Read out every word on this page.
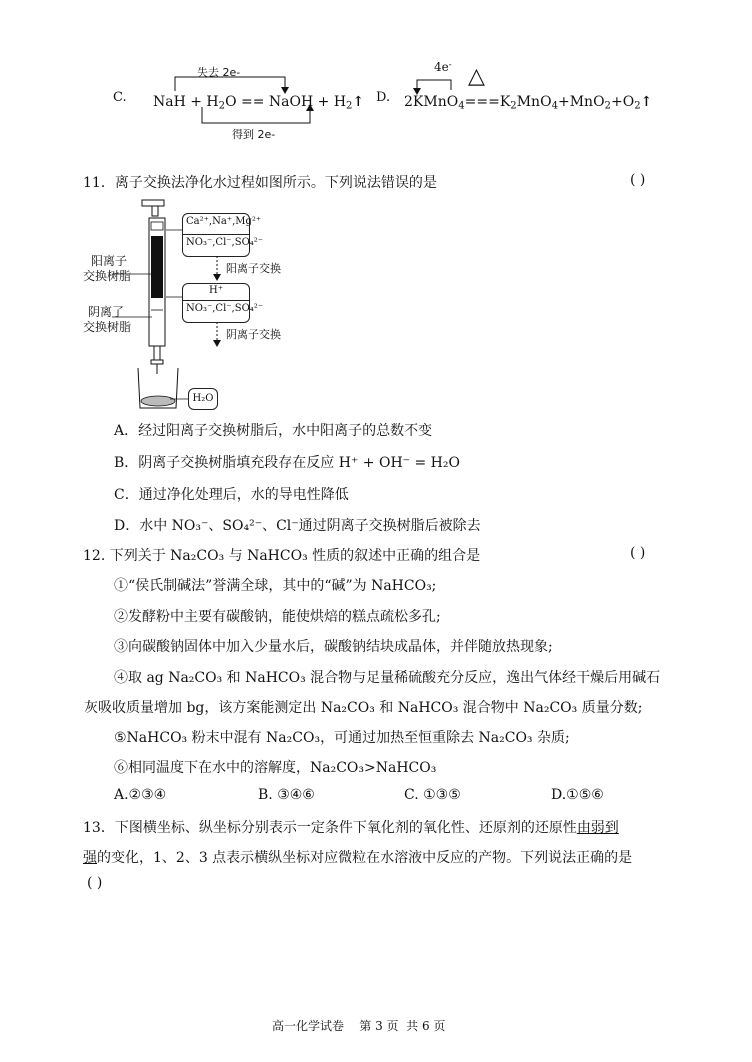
C.
失去 2e-
NaH + $H_2O$ == NaOH + $H_2↑$
得到 2e-
D.
4e- △
$2KMnO_4===K_2MnO_4+MnO_2+O_2↑$
11．离子交换法净化水过程如图所示。下列说法错误的是	( )
阳离子
交换树脂
阴离了
交换树脂
Ca²⁺,Na⁺,Mg²⁺
NO₃⁻,Cl⁻,SO₄²⁻
阳离子交换
H⁺
NO₃⁻,Cl⁻,SO₄²⁻
阴离子交换
H₂O
A．经过阳离子交换树脂后，水中阳离子的总数不变
B．阴离子交换树脂填充段存在反应 H⁺ + OH⁻ = H₂O
C．通过净化处理后，水的导电性降低
D．水中 NO₃⁻、SO₄²⁻、Cl⁻通过阴离子交换树脂后被除去
12. 下列关于 Na₂CO₃ 与 NaHCO₃ 性质的叙述中正确的组合是	( )
①“侯氏制碱法”誉满全球，其中的“碱”为 NaHCO₃;
②发酵粉中主要有碳酸钠，能使烘焙的糕点疏松多孔;
③向碳酸钠固体中加入少量水后，碳酸钠结块成晶体，并伴随放热现象;
④取 ag Na₂CO₃ 和 NaHCO₃ 混合物与足量稀硫酸充分反应，逸出气体经干燥后用碱石
灰吸收质量增加 bg，该方案能测定出 Na₂CO₃ 和 NaHCO₃ 混合物中 Na₂CO₃ 质量分数;
⑤NaHCO₃ 粉末中混有 Na₂CO₃，可通过加热至恒重除去 Na₂CO₃ 杂质;
⑥相同温度下在水中的溶解度，Na₂CO₃>NaHCO₃
A.②③④	B. ③④⑥	C. ①③⑤	D.①⑤⑥
13．下图横坐标、纵坐标分别表示一定条件下氧化剂的氧化性、还原剂的还原性由弱到
强的变化，1、2、3 点表示横纵坐标对应微粒在水溶液中反应的产物。下列说法正确的是
( )
高一化学试卷    第 3 页  共 6 页
